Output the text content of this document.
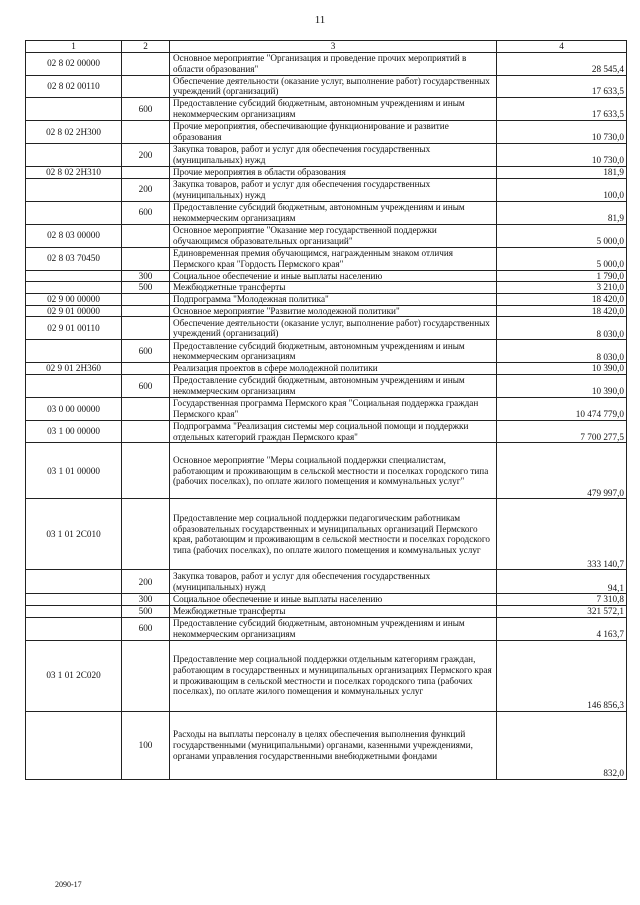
11
1	2	3	4
02 8 02 00000		Основное мероприятие "Организация и проведение прочих мероприятий в области образования"	28 545,4
02 8 02 00110		Обеспечение деятельности (оказание услуг, выполнение работ) государственных учреждений (организаций)	17 633,5
	600	Предоставление субсидий бюджетным, автономным учреждениям и иным некоммерческим организациям	17 633,5
02 8 02 2Н300		Прочие мероприятия, обеспечивающие функционирование и развитие образования	10 730,0
	200	Закупка товаров, работ и услуг для обеспечения государственных (муниципальных) нужд	10 730,0
02 8 02 2Н310		Прочие мероприятия в области образования	181,9
	200	Закупка товаров, работ и услуг для обеспечения государственных (муниципальных) нужд	100,0
	600	Предоставление субсидий бюджетным, автономным учреждениям и иным некоммерческим организациям	81,9
02 8 03 00000		Основное мероприятие "Оказание мер государственной поддержки обучающимся образовательных организаций"	5 000,0
02 8 03 70450		Единовременная премия обучающимся, награжденным знаком отличия Пермского края "Гордость Пермского края"	5 000,0
	300	Социальное обеспечение и иные выплаты населению	1 790,0
	500	Межбюджетные трансферты	3 210,0
02 9 00 00000		Подпрограмма "Молодежная политика"	18 420,0
02 9 01 00000		Основное мероприятие "Развитие молодежной политики"	18 420,0
02 9 01 00110		Обеспечение деятельности (оказание услуг, выполнение работ) государственных учреждений (организаций)	8 030,0
	600	Предоставление субсидий бюджетным, автономным учреждениям и иным некоммерческим организациям	8 030,0
02 9 01 2Н360		Реализация проектов в сфере молодежной политики	10 390,0
	600	Предоставление субсидий бюджетным, автономным учреждениям и иным некоммерческим организациям	10 390,0
03 0 00 00000		Государственная программа Пермского края "Социальная поддержка граждан Пермского края"	10 474 779,0
03 1 00 00000		Подпрограмма "Реализация системы мер социальной помощи и поддержки отдельных категорий граждан Пермского края"	7 700 277,5
03 1 01 00000		Основное мероприятие "Меры социальной поддержки специалистам, работающим и проживающим в сельской местности и поселках городского типа (рабочих поселках), по оплате жилого помещения и коммунальных услуг"	479 997,0
03 1 01 2С010		Предоставление мер социальной поддержки педагогическим работникам образовательных государственных и муниципальных организаций Пермского края, работающим и проживающим в сельской местности и поселках городского типа (рабочих поселках), по оплате жилого помещения и коммунальных услуг	333 140,7
	200	Закупка товаров, работ и услуг для обеспечения государственных (муниципальных) нужд	94,1
	300	Социальное обеспечение и иные выплаты населению	7 310,8
	500	Межбюджетные трансферты	321 572,1
	600	Предоставление субсидий бюджетным, автономным учреждениям и иным некоммерческим организациям	4 163,7
03 1 01 2С020		Предоставление мер социальной поддержки отдельным категориям граждан, работающим в государственных и муниципальных организациях Пермского края и проживающим в сельской местности и поселках городского типа (рабочих поселках), по оплате жилого помещения и коммунальных услуг	146 856,3
	100	Расходы на выплаты персоналу в целях обеспечения выполнения функций государственными (муниципальными) органами, казенными учреждениями, органами управления государственными внебюджетными фондами	832,0
2090-17
